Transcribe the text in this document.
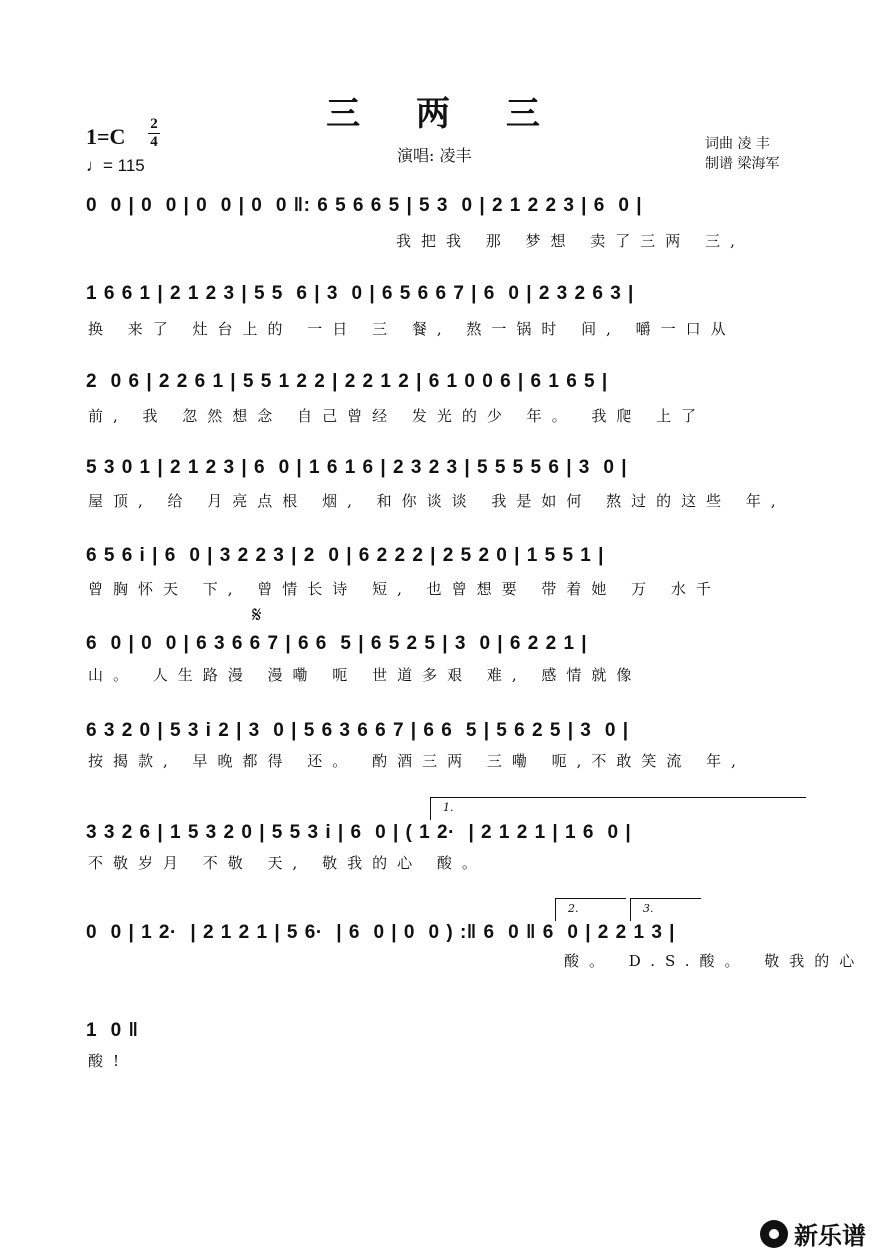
三 两 三
1=C 2
4
♩= 115
演唱: 凌丰
词曲 凌 丰
制谱 梁海军
𝄋
1.
2.	3.
0  0 | 0  0 | 0  0 | 0  0 ‖: 6 5 6 6 5 | 5 3  0 | 2 1 2 2 3 | 6  0 |
我把我 那 梦想 卖了三两 三,
1 6 6 1 | 2 1 2 3 | 5 5  6 | 3  0 | 6 5 6 6 7 | 6  0 | 2 3 2 6 3 |
换 来了 灶台上的 一日 三 餐, 熬一锅时 间, 嚼一口从
2  0 6 | 2 2 6 1 | 5 5 1 2 2 | 2 2 1 2 | 6 1 0 0 6 | 6 1 6 5 |
前, 我 忽然想念 自己曾经 发光的少 年。 我爬 上了
5 3 0 1 | 2 1 2 3 | 6  0 | 1 6 1 6 | 2 3 2 3 | 5 5 5 5 6 | 3  0 |
屋顶, 给 月亮点根 烟, 和你谈谈 我是如何 熬过的这些 年,
6 5 6 i | 6  0 | 3 2 2 3 | 2  0 | 6 2 2 2 | 2 5 2 0 | 1 5 5 1 |
曾胸怀天 下, 曾情长诗 短, 也曾想要 带着她 万 水千
6  0 | 0  0 | 6 3 6 6 7 | 6 6  5 | 6 5 2 5 | 3  0 | 6 2 2 1 |
山。 人生路漫 漫嘞 呃 世道多艰 难, 感情就像
6 3 2 0 | 5 3 i 2 | 3  0 | 5 6 3 6 6 7 | 6 6  5 | 5 6 2 5 | 3  0 |
按揭款, 早晚都得 还。 酌酒三两 三嘞 呃,不敢笑流 年,
3 3 2 6 | 1 5 3 2 0 | 5 5 3 i | 6  0 | ( 1 2·  | 2 1 2 1 | 1 6  0 |
不敬岁月 不敬 天, 敬我的心 酸。
0  0 | 1 2·  | 2 1 2 1 | 5 6·  | 6  0 | 0  0 ) :‖ 6  0 ‖ 6  0 | 2 2 1 3 |
酸。 D.S.酸。 敬我的心
1  0 ‖
酸!
新乐谱
